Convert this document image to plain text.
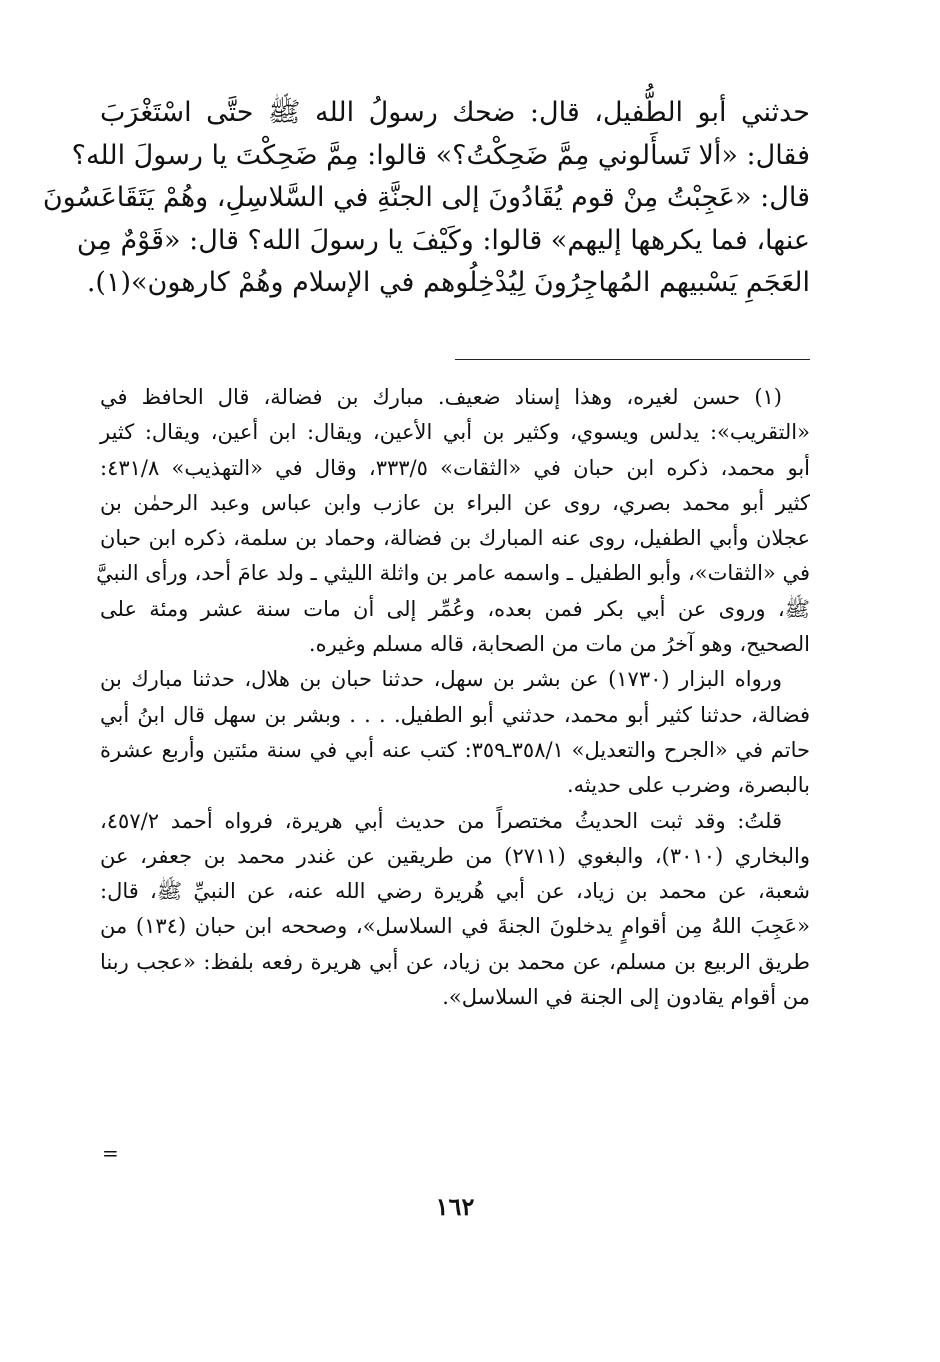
حدثني أبو الطُّفيل، قال: ضحك رسولُ الله ﷺ حتَّى اسْتَغْرَبَ
فقال: «ألا تَسأَلوني مِمَّ ضَحِكْتُ؟» قالوا: مِمَّ ضَحِكْتَ يا رسولَ الله؟
قال: «عَجِبْتُ مِنْ قوم يُقَادُونَ إلى الجنَّةِ في السَّلاسِلِ، وهُمْ يَتَقَاعَسُونَ
عنها، فما يكرهها إليهم» قالوا: وكَيْفَ يا رسولَ الله؟ قال: «قَوْمٌ مِن
العَجَمِ يَسْبيهم المُهاجِرُونَ لِيُدْخِلُوهم في الإسلام وهُمْ كارهون»(١).
(١) حسن لغيره، وهذا إسناد ضعيف. مبارك بن فضالة، قال الحافظ في
«التقريب»: يدلس ويسوي، وكثير بن أبي الأعين، ويقال: ابن أعين، ويقال: كثير
أبو محمد، ذكره ابن حبان في «الثقات» ٣٣٣/٥، وقال في «التهذيب» ٤٣١/٨:
كثير أبو محمد بصري، روى عن البراء بن عازب وابن عباس وعبد الرحمٰن بن
عجلان وأبي الطفيل، روى عنه المبارك بن فضالة، وحماد بن سلمة، ذكره ابن حبان
في «الثقات»، وأبو الطفيل ـ واسمه عامر بن واثلة الليثي ـ ولد عامَ أحد، ورأى النبيَّ
ﷺ، وروى عن أبي بكر فمن بعده، وعُمِّر إلى أن مات سنة عشر ومئة على
الصحيح، وهو آخرُ من مات من الصحابة، قاله مسلم وغيره.
ورواه البزار (١٧٣٠) عن بشر بن سهل، حدثنا حبان بن هلال، حدثنا مبارك بن
فضالة، حدثنا كثير أبو محمد، حدثني أبو الطفيل. . . . وبشر بن سهل قال ابنُ أبي
حاتم في «الجرح والتعديل» ٣٥٨/١ـ٣٥٩: كتب عنه أبي في سنة مئتين وأربع عشرة
بالبصرة، وضرب على حديثه.
قلتُ: وقد ثبت الحديثُ مختصراً من حديث أبي هريرة، فرواه أحمد ٤٥٧/٢،
والبخاري (٣٠١٠)، والبغوي (٢٧١١) من طريقين عن غندر محمد بن جعفر، عن
شعبة، عن محمد بن زياد، عن أبي هُريرة رضي الله عنه، عن النبيِّ ﷺ، قال:
«عَجِبَ اللهُ مِن أقوامٍ يدخلونَ الجنةَ في السلاسل»، وصححه ابن حبان (١٣٤) من
طريق الربيع بن مسلم، عن محمد بن زياد، عن أبي هريرة رفعه بلفظ: «عجب ربنا
من أقوام يقادون إلى الجنة في السلاسل».
=
١٦٢
